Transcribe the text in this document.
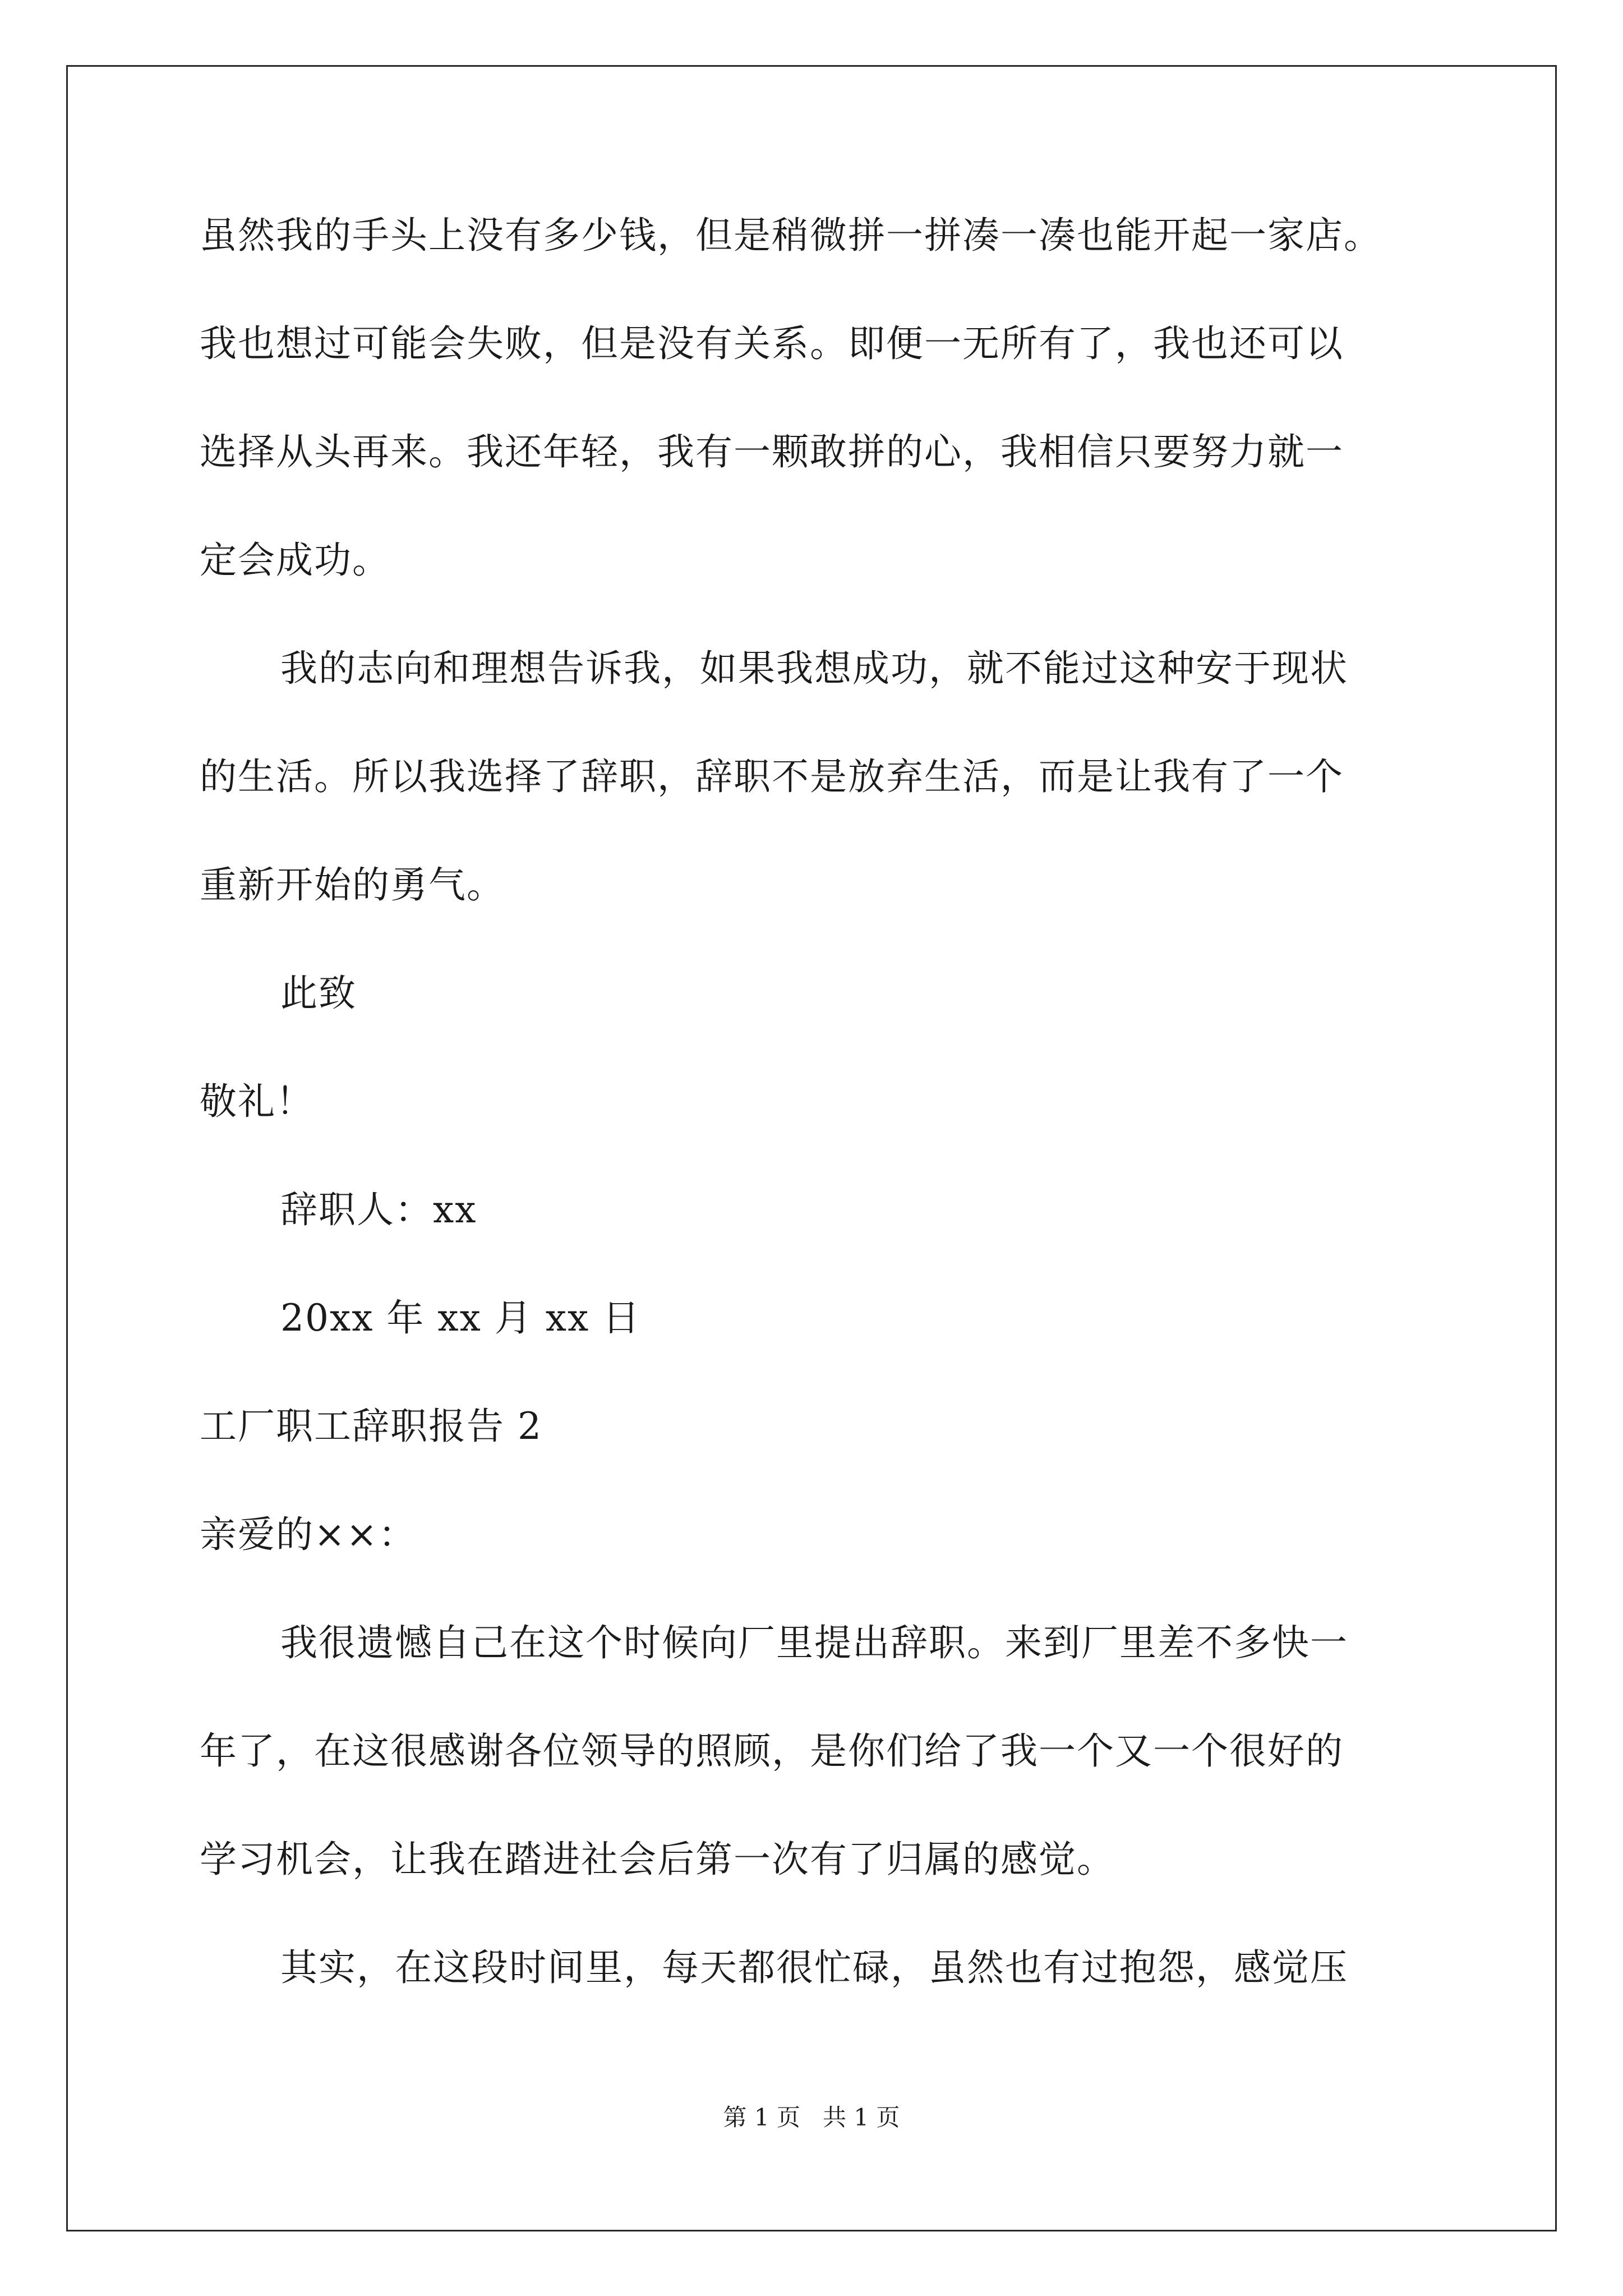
虽然我的手头上没有多少钱，但是稍微拼一拼凑一凑也能开起一家店。
我也想过可能会失败，但是没有关系。即便一无所有了，我也还可以
选择从头再来。我还年轻，我有一颗敢拼的心，我相信只要努力就一
定会成功。
我的志向和理想告诉我，如果我想成功，就不能过这种安于现状
的生活。所以我选择了辞职，辞职不是放弃生活，而是让我有了一个
重新开始的勇气。
此致
敬礼！
辞职人：xx
20xx 年 xx 月 xx 日
工厂职工辞职报告 2
亲爱的××：
我很遗憾自己在这个时候向厂里提出辞职。来到厂里差不多快一
年了，在这很感谢各位领导的照顾，是你们给了我一个又一个很好的
学习机会，让我在踏进社会后第一次有了归属的感觉。
其实，在这段时间里，每天都很忙碌，虽然也有过抱怨，感觉压
第 1 页   共 1 页
